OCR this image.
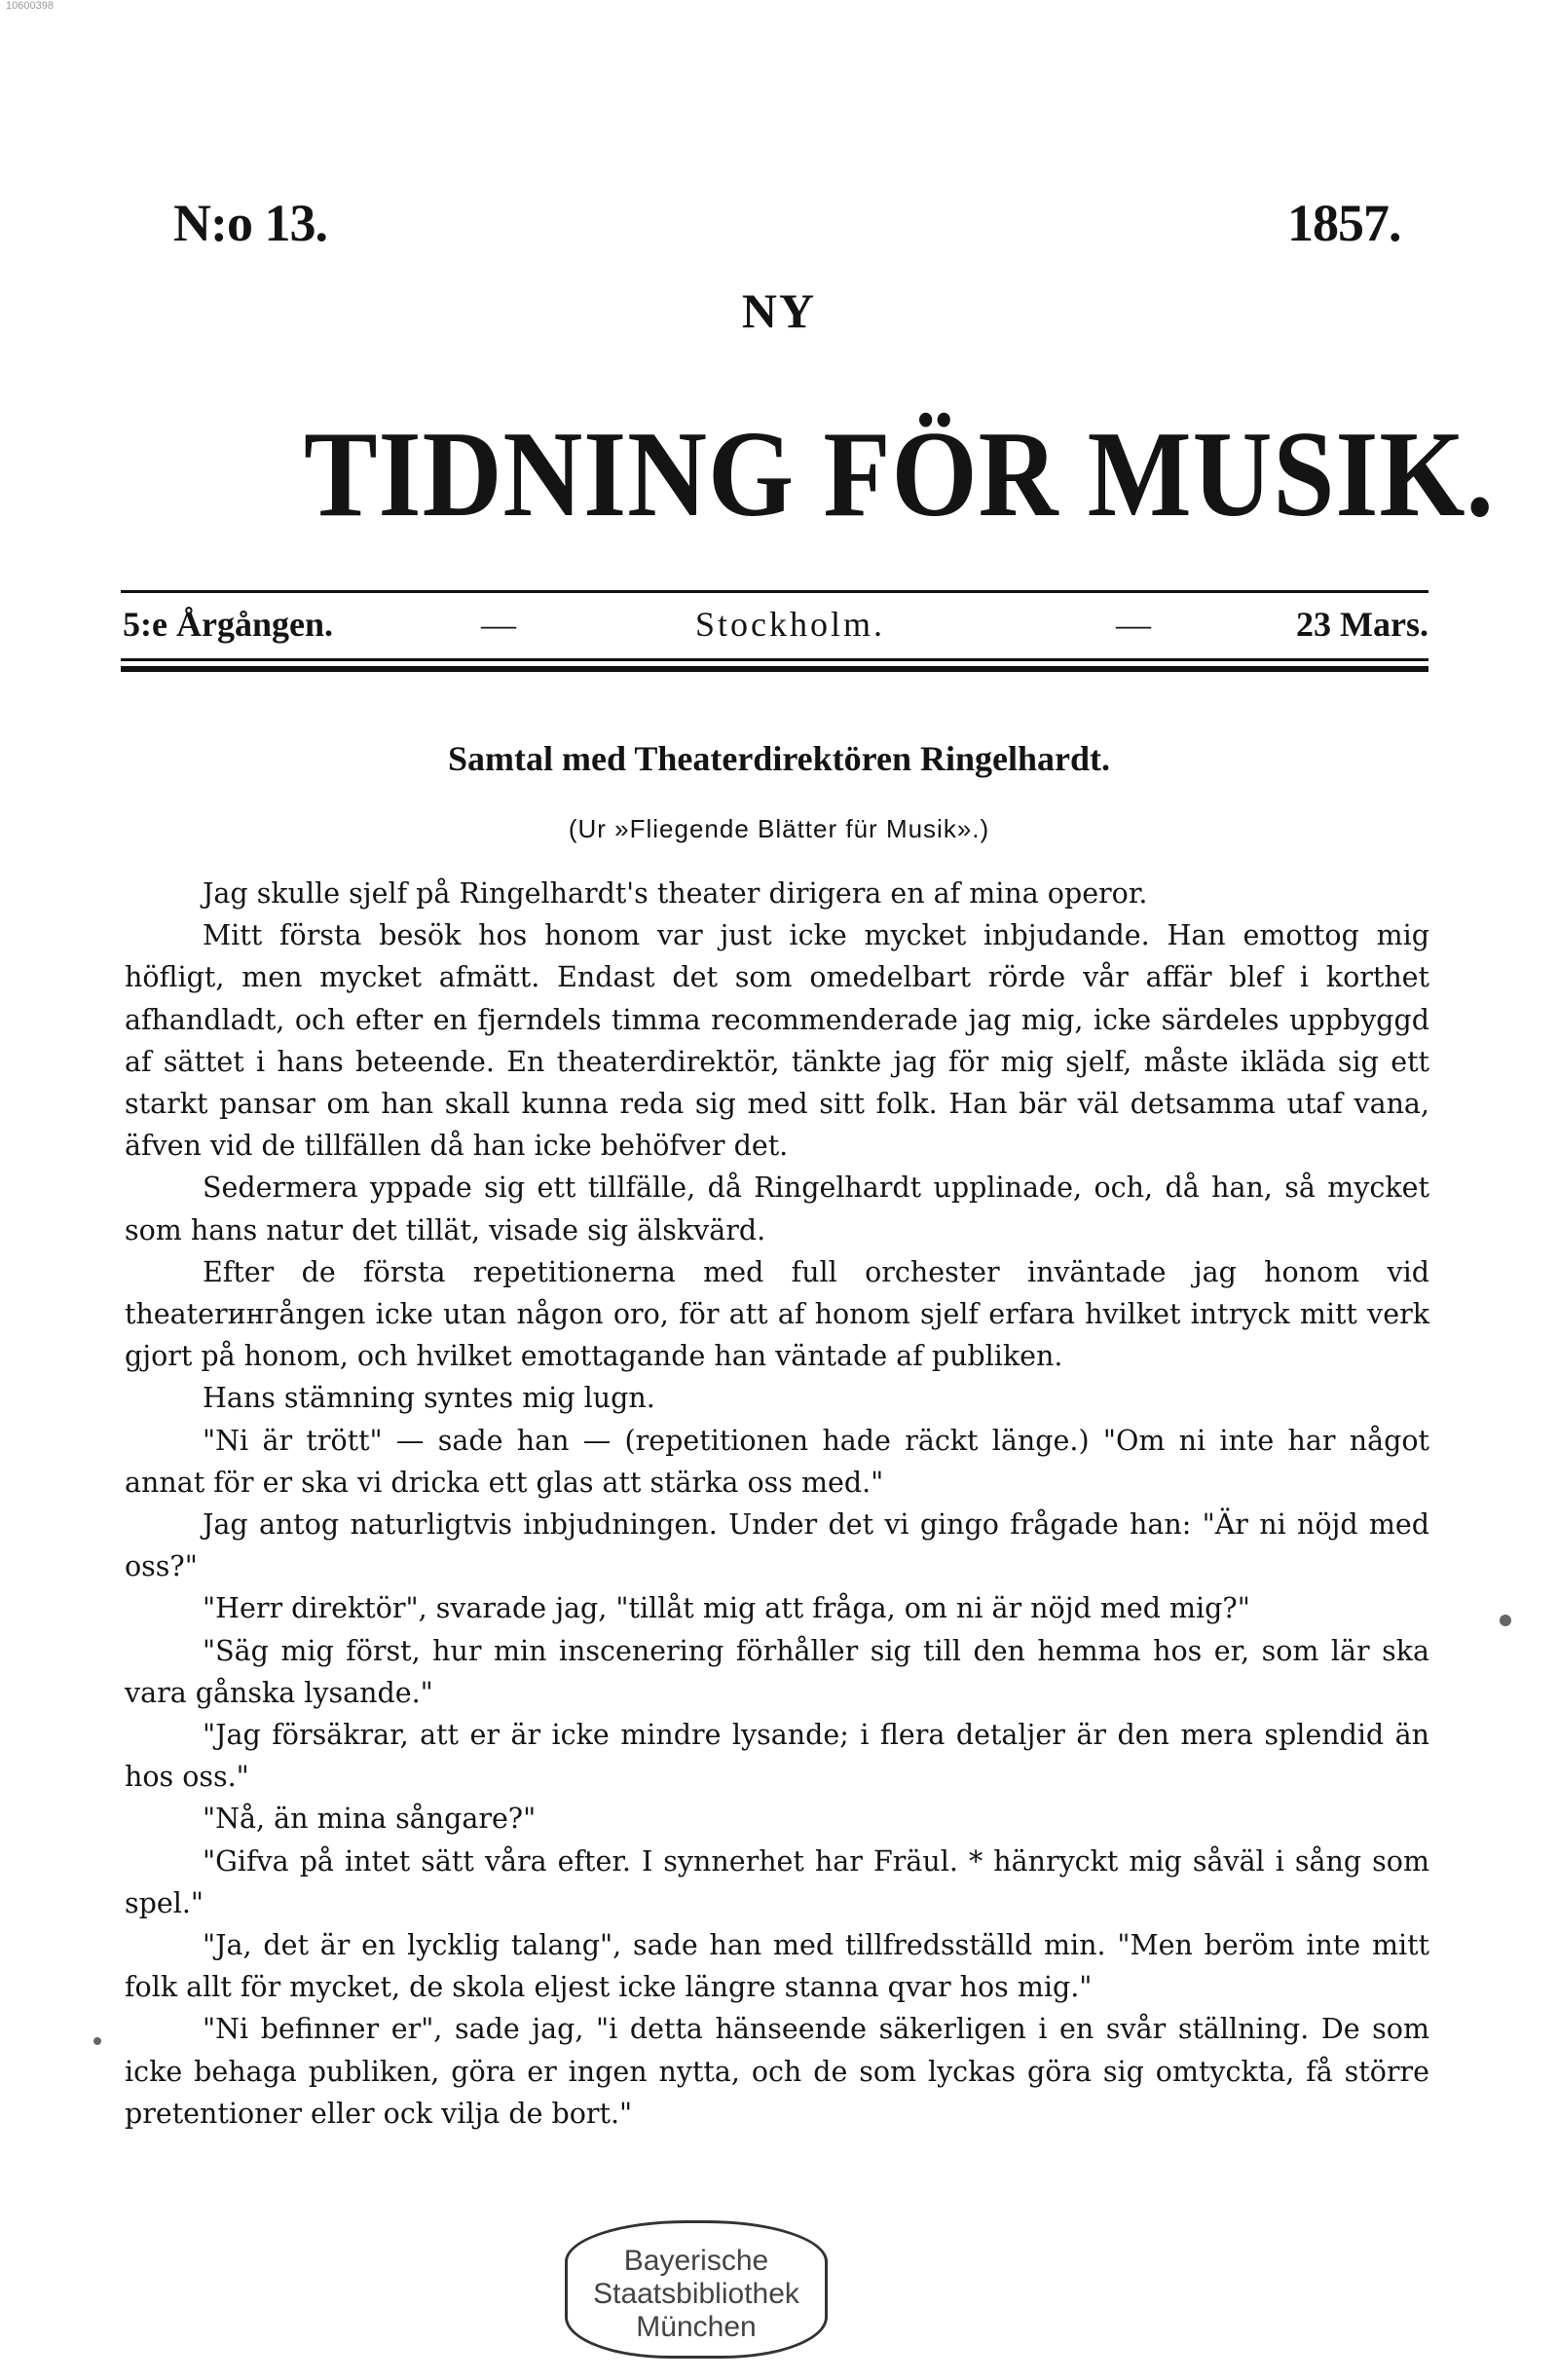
10600398
N:o 13.	1857.
NY
TIDNING FÖR MUSIK.
5:e Årgången.	—	Stockholm.	—	23 Mars.
Samtal med Theaterdirektören Ringelhardt.
(Ur »Fliegende Blätter für Musik».)

Jag skulle sjelf på Ringelhardt's theater dirigera en af mina operor.

Mitt första besök hos honom var just icke mycket inbjudande. Han emottog mig höfligt, men mycket afmätt. Endast det som omedelbart rörde vår affär blef i korthet afhandladt, och efter en fjerndels timma recommenderade jag mig, icke särdeles uppbyggd af sättet i hans beteende. En theaterdirektör, tänkte jag för mig sjelf, måste ikläda sig ett starkt pansar om han skall kunna reda sig med sitt folk. Han bär väl detsamma utaf vana, äfven vid de tillfällen då han icke behöfver det.

Sedermera yppade sig ett tillfälle, då Ringelhardt upplinade, och, då han, så mycket som hans natur det tillät, visade sig älskvärd.

Efter de första repetitionerna med full orchester inväntade jag honom vid theaterингången icke utan någon oro, för att af honom sjelf erfara hvilket intryck mitt verk gjort på honom, och hvilket emottagande han väntade af publiken.

Hans stämning syntes mig lugn.

"Ni är trött" — sade han — (repetitionen hade räckt länge.) "Om ni inte har något annat för er ska vi dricka ett glas att stärka oss med."

Jag antog naturligtvis inbjudningen. Under det vi gingo frågade han: "Är ni nöjd med oss?"

"Herr direktör", svarade jag, "tillåt mig att fråga, om ni är nöjd med mig?"

"Säg mig först, hur min inscenering förhåller sig till den hemma hos er, som lär ska vara gånska lysande."

"Jag försäkrar, att er är icke mindre lysande; i flera detaljer är den mera splendid än hos oss."

"Nå, än mina sångare?"

"Gifva på intet sätt våra efter. I synnerhet har Fräul. * hänryckt mig såväl i sång som spel."

"Ja, det är en lycklig talang", sade han med tillfredsställd min. "Men beröm inte mitt folk allt för mycket, de skola eljest icke längre stanna qvar hos mig."

"Ni befinner er", sade jag, "i detta hänseende säkerligen i en svår ställning. De som icke behaga publiken, göra er ingen nytta, och de som lyckas göra sig omtyckta, få större pretentioner eller ock vilja de bort."

Bayerische
Staatsbibliothek
München
